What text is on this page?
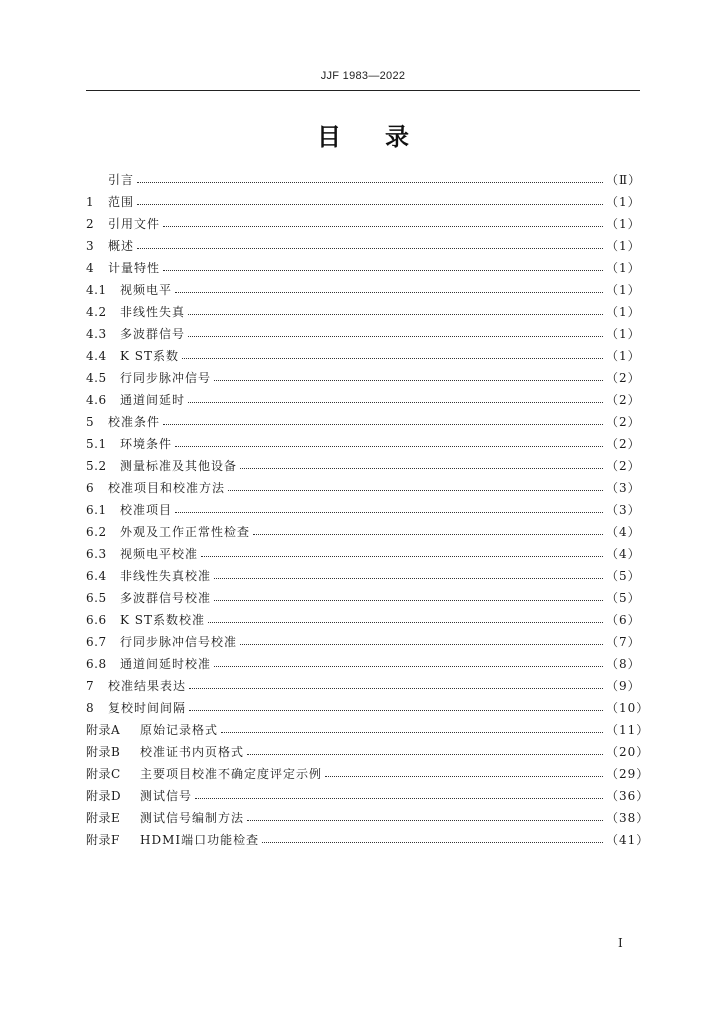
JJF 1983—2022
目 录
引言	（Ⅱ）
1 范围	（1）
2 引用文件	（1）
3 概述	（1）
4 计量特性	（1）
4.1 视频电平	（1）
4.2 非线性失真	（1）
4.3 多波群信号	（1）
4.4 K ST系数	（1）
4.5 行同步脉冲信号	（2）
4.6 通道间延时	（2）
5 校准条件	（2）
5.1 环境条件	（2）
5.2 测量标准及其他设备	（2）
6 校准项目和校准方法	（3）
6.1 校准项目	（3）
6.2 外观及工作正常性检查	（4）
6.3 视频电平校准	（4）
6.4 非线性失真校准	（5）
6.5 多波群信号校准	（5）
6.6 K ST系数校准	（6）
6.7 行同步脉冲信号校准	（7）
6.8 通道间延时校准	（8）
7 校准结果表达	（9）
8 复校时间间隔	（10）
附录A 原始记录格式	（11）
附录B 校准证书内页格式	（20）
附录C 主要项目校准不确定度评定示例	（29）
附录D 测试信号	（36）
附录E 测试信号编制方法	（38）
附录F HDMI端口功能检查	（41）
Ⅰ
